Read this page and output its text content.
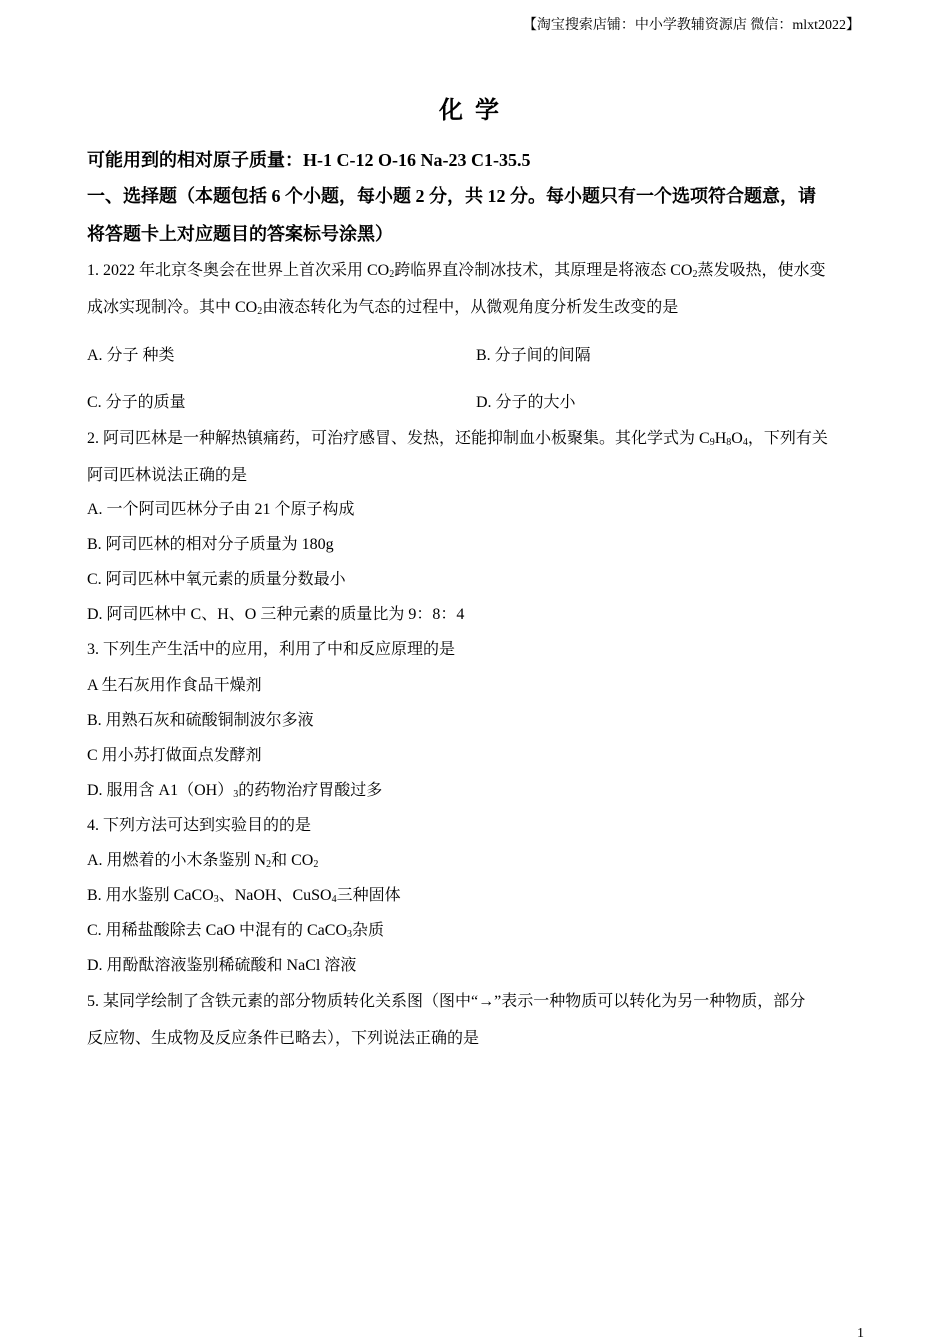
【淘宝搜索店铺：中小学教辅资源店 微信：mlxt2022】
化学
可能用到的相对原子质量：H-1 C-12 O-16 Na-23 C1-35.5
一、选择题（本题包括 6 个小题，每小题 2 分，共 12 分。每小题只有一个选项符合题意，请
将答题卡上对应题目的答案标号涂黑）
1. 2022 年北京冬奥会在世界上首次采用 $CO_2$跨临界直冷制冰技术，其原理是将液态 $CO_2$蒸发吸热，使水变
成冰实现制冷。其中 $CO_2$由液态转化为气态的过程中，从微观角度分析发生改变的是
A. 分子 种类	B. 分子间的间隔
C. 分子的质量	D. 分子的大小
2. 阿司匹林是一种解热镇痛药，可治疗感冒、发热，还能抑制血小板聚集。其化学式为 $C_9H_8O_4$，下列有关
阿司匹林说法正确的是
A. 一个阿司匹林分子由 21 个原子构成
B. 阿司匹林的相对分子质量为 180g
C. 阿司匹林中氧元素的质量分数最小
D. 阿司匹林中 C、H、O 三种元素的质量比为 9：8：4
3. 下列生产生活中的应用，利用了中和反应原理的是
A 生石灰用作食品干燥剂
B. 用熟石灰和硫酸铜制波尔多液
C 用小苏打做面点发酵剂
D. 服用含 $A1(OH)_3$的药物治疗胃酸过多
4. 下列方法可达到实验目的的是
A. 用燃着的小木条鉴别 $N_2$和 $CO_2$
B. 用水鉴别 CaCO$_3$、NaOH、CuSO$_4$三种固体
C. 用稀盐酸除去 CaO 中混有的 CaCO$_3$杂质
D. 用酚酞溶液鉴别稀硫酸和 NaCl 溶液
5. 某同学绘制了含铁元素的部分物质转化关系图（图中“→”表示一种物质可以转化为另一种物质，部分
反应物、生成物及反应条件已略去），下列说法正确的是
1
